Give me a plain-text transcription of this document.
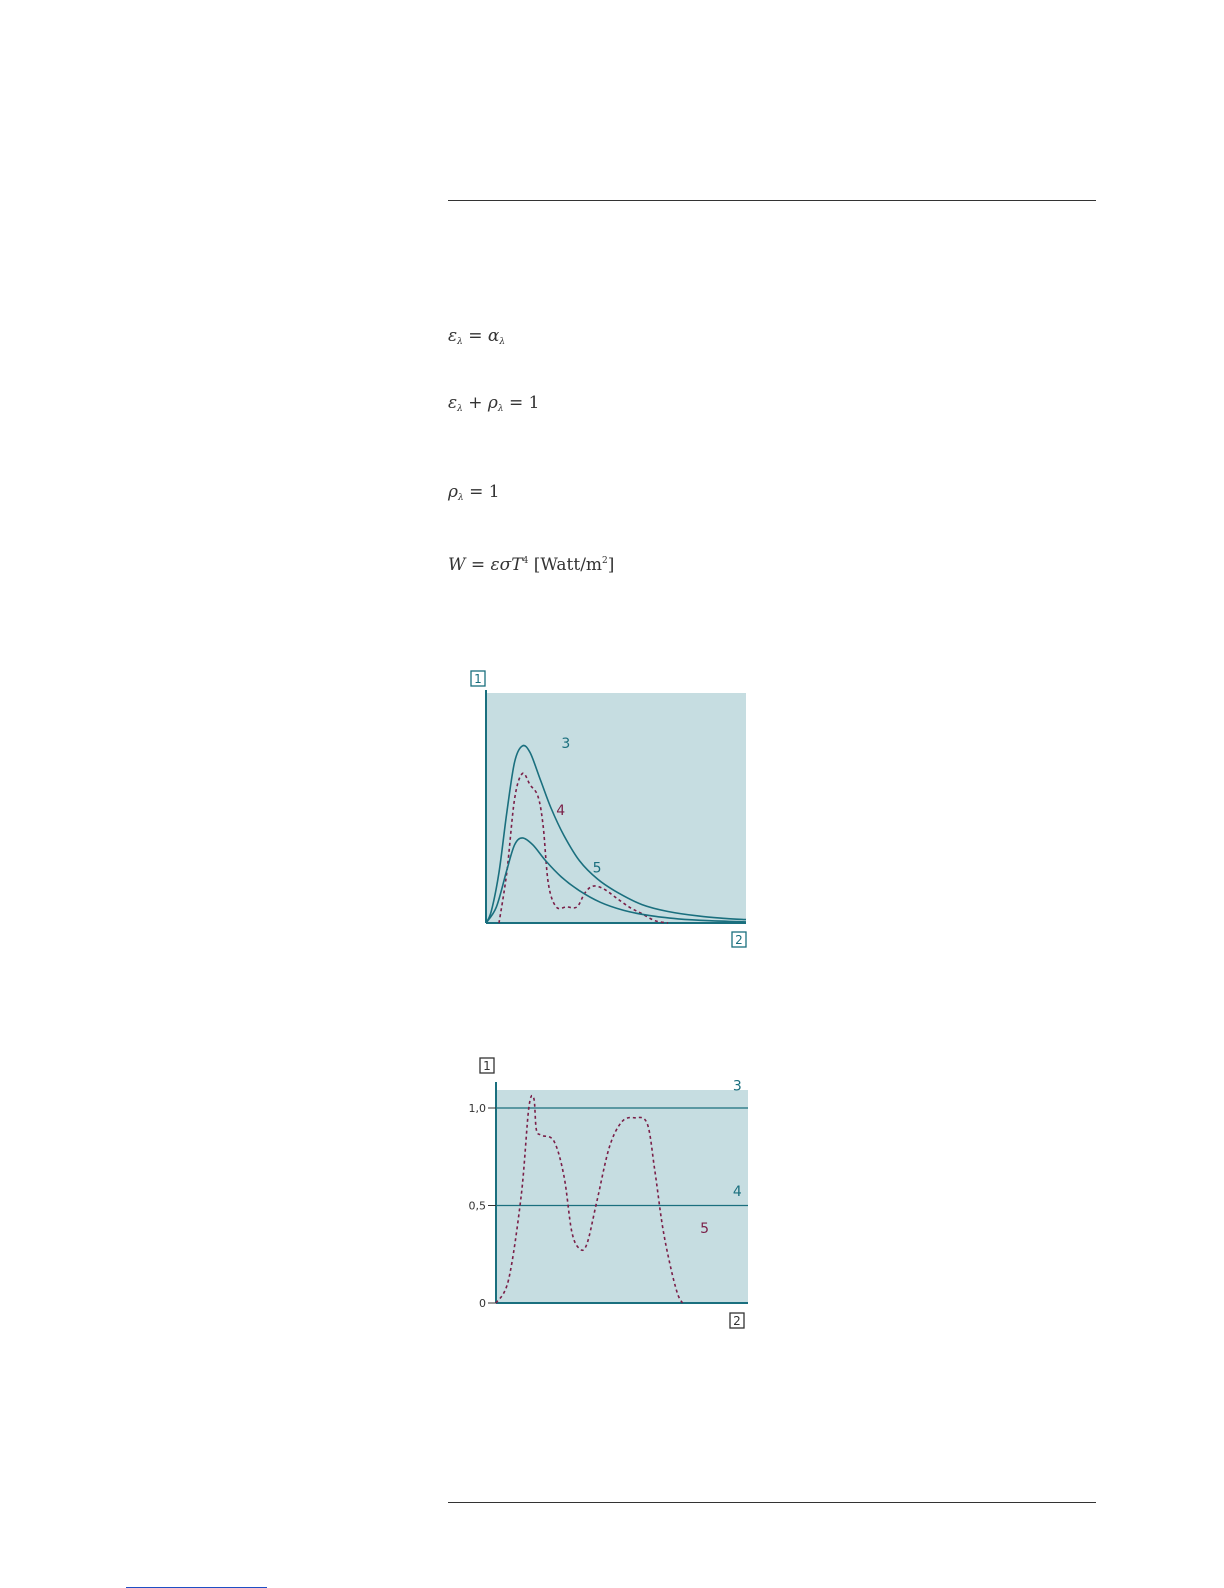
$\varepsilon_\lambda = \alpha_\lambda$
$\varepsilon_\lambda + \rho_\lambda = 1$
$\rho_\lambda = 1$
W = εσT$^4$ $[Watt/m^2]$
1
2
3
4
5
1
2
0
0,5
1,0
3
4
5
